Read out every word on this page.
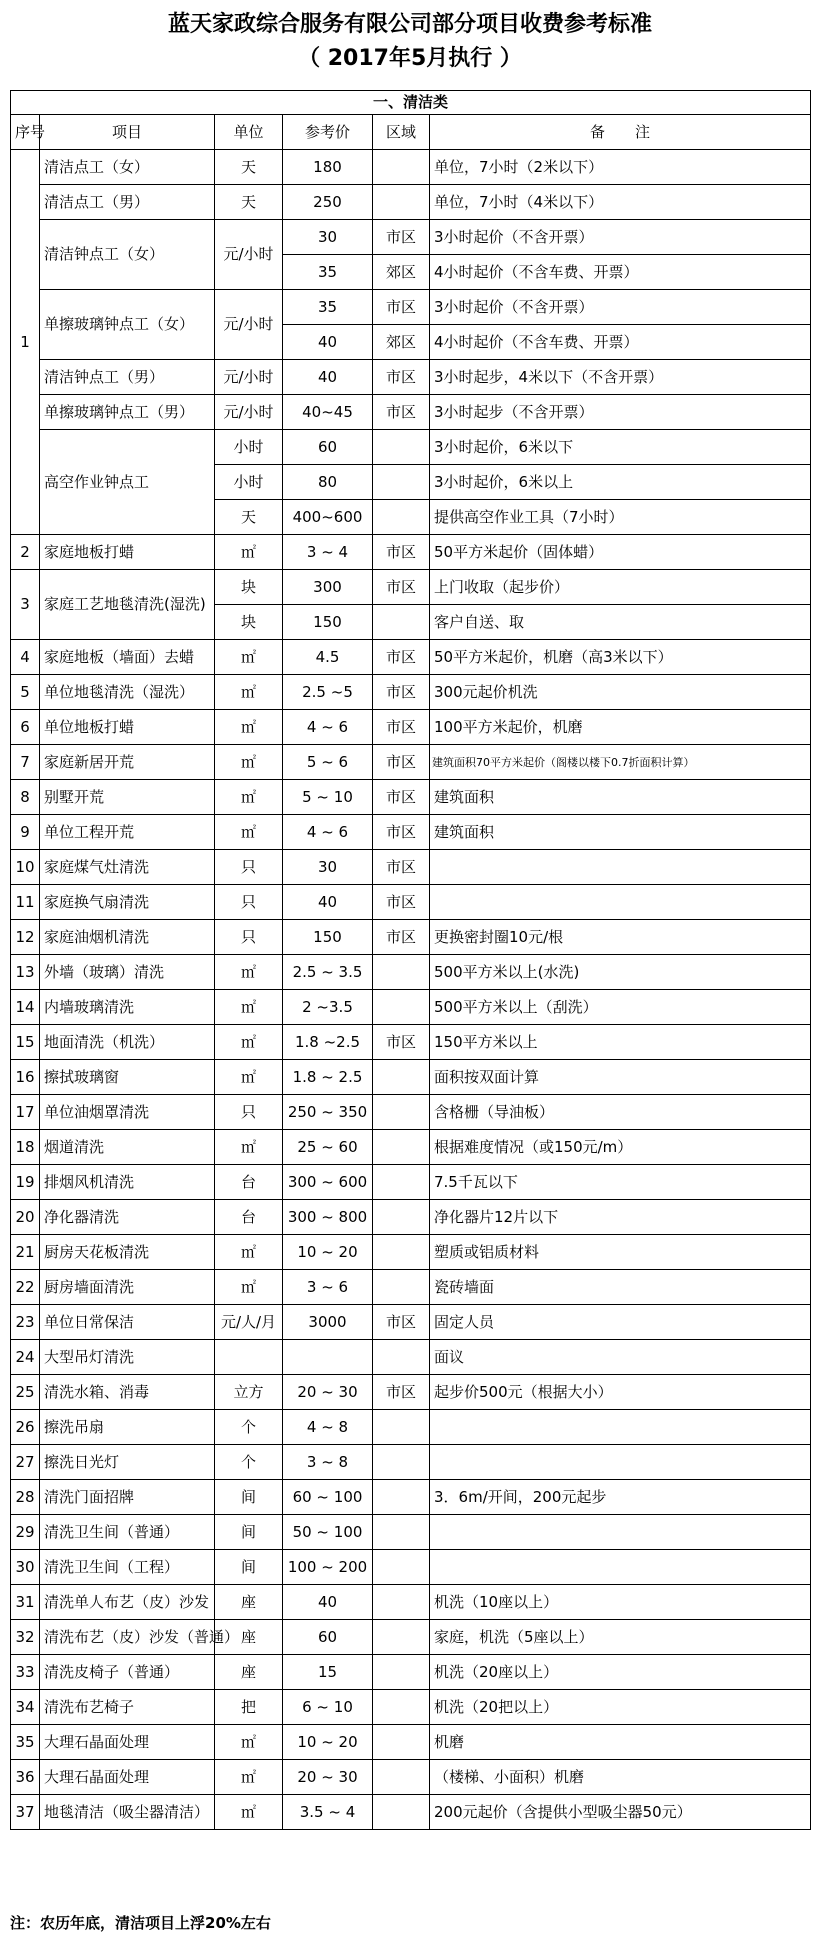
蓝天家政综合服务有限公司部分项目收费参考标准
（ 2017年5月执行 ）
一、清洁类					
序号	项目	单位	参考价	区域	备　　注
1	清洁点工（女）	天	180		单位，7小时（2米以下）
	清洁点工（男）	天	250		单位，7小时（4米以下）
	清洁钟点工（女）	元/小时	30	市区	3小时起价（不含开票）
			35	郊区	4小时起价（不含车费、开票）
	单擦玻璃钟点工（女）	元/小时	35	市区	3小时起价（不含开票）
			40	郊区	4小时起价（不含车费、开票）
	清洁钟点工（男）	元/小时	40	市区	3小时起步，4米以下（不含开票）
	单擦玻璃钟点工（男）	元/小时	40~45	市区	3小时起步（不含开票）
	高空作业钟点工	小时	60		3小时起价，6米以下
		小时	80		3小时起价，6米以上
		天	400~600		提供高空作业工具（7小时）
2	家庭地板打蜡	㎡	3 ~ 4	市区	50平方米起价（固体蜡）
3	家庭工艺地毯清洗(湿洗)	块	300	市区	上门收取（起步价）
		块	150		客户自送、取
4	家庭地板（墙面）去蜡	㎡	4.5	市区	50平方米起价，机磨（高3米以下）
5	单位地毯清洗（湿洗）	㎡	2.5 ~5	市区	300元起价机洗
6	单位地板打蜡	㎡	4 ~ 6	市区	100平方米起价，机磨
7	家庭新居开荒	㎡	5 ~ 6	市区	建筑面积70平方米起价（阁楼以楼下0.7折面积计算）
8	别墅开荒	㎡	5 ~ 10	市区	建筑面积
9	单位工程开荒	㎡	4 ~ 6	市区	建筑面积
10	家庭煤气灶清洗	只	30	市区	
11	家庭换气扇清洗	只	40	市区	
12	家庭油烟机清洗	只	150	市区	更换密封圈10元/根
13	外墙（玻璃）清洗	㎡	2.5 ~ 3.5		500平方米以上(水洗)
14	内墙玻璃清洗	㎡	2 ~3.5		500平方米以上（刮洗）
15	地面清洗（机洗）	㎡	1.8 ~2.5	市区	150平方米以上
16	擦拭玻璃窗	㎡	1.8 ~ 2.5		面积按双面计算
17	单位油烟罩清洗	只	250 ~ 350		含格栅（导油板）
18	烟道清洗	㎡	25 ~ 60		根据难度情况（或150元/m）
19	排烟风机清洗	台	300 ~ 600		7.5千瓦以下
20	净化器清洗	台	300 ~ 800		净化器片12片以下
21	厨房天花板清洗	㎡	10 ~ 20		塑质或铝质材料
22	厨房墙面清洗	㎡	3 ~ 6		瓷砖墙面
23	单位日常保洁	元/人/月	3000	市区	固定人员
24	大型吊灯清洗				面议
25	清洗水箱、消毒	立方	20 ~ 30	市区	起步价500元（根据大小）
26	擦洗吊扇	个	4 ~ 8		
27	擦洗日光灯	个	3 ~ 8		
28	清洗门面招牌	间	60 ~ 100		3．6m/开间，200元起步
29	清洗卫生间（普通）	间	50 ~ 100		
30	清洗卫生间（工程）	间	100 ~ 200		
31	清洗单人布艺（皮）沙发	座	40		机洗（10座以上）
32	清洗布艺（皮）沙发（普通）	座	60		家庭，机洗（5座以上）
33	清洗皮椅子（普通）	座	15		机洗（20座以上）
34	清洗布艺椅子	把	6 ~ 10		机洗（20把以上）
35	大理石晶面处理	㎡	10 ~ 20		机磨
36	大理石晶面处理	㎡	20 ~ 30		（楼梯、小面积）机磨
37	地毯清洁（吸尘器清洁）	㎡	3.5 ~ 4		200元起价（含提供小型吸尘器50元）
注：农历年底，清洁项目上浮20%左右
